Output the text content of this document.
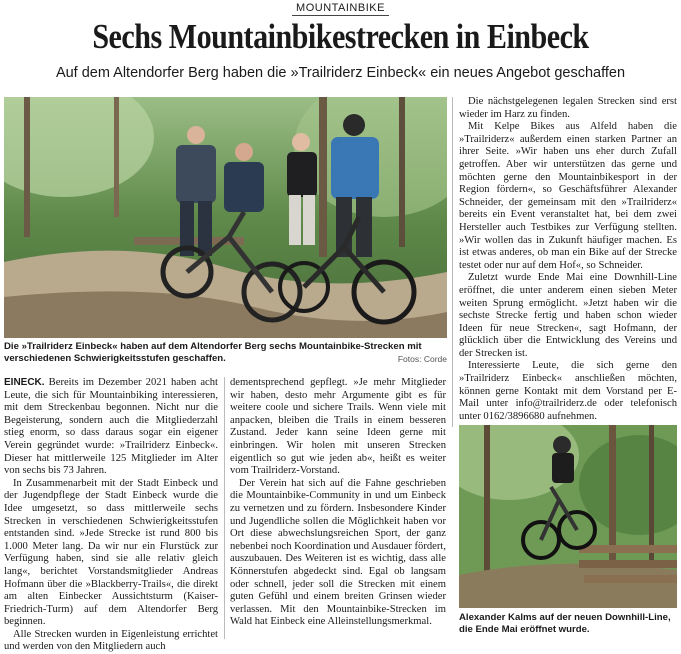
MOUNTAINBIKE
Sechs Mountainbikestrecken in Einbeck
Auf dem Altendorfer Berg haben die »Trailriderz Einbeck« ein neues Angebot geschaffen
Die »Trailriderz Einbeck« haben auf dem Altendorfer Berg sechs Mountainbike-Strecken mit verschiedenen Schwierigkeitsstufen geschaffen.	Fotos: Corde

EINECK. Bereits im Dezember 2021 haben acht Leute, die sich für Mountainbiking interessieren, mit dem Streckenbau begonnen. Nicht nur die Begeisterung, sondern auch die Mitgliederzahl stieg enorm, so dass daraus sogar ein eigener Verein gegründet wurde: »Trailriderz Einbeck«. Dieser hat mittlerweile 125 Mitglieder im Alter von sechs bis 73 Jahren.

In Zusammenarbeit mit der Stadt Einbeck und der Jugendpflege der Stadt Einbeck wurde die Idee umgesetzt, so dass mittlerweile sechs Strecken in verschiedenen Schwierigkeitsstufen entstanden sind. »Jede Strecke ist rund 800 bis 1.000 Meter lang. Da wir nur ein Flurstück zur Verfügung haben, sind sie alle relativ gleich lang«, berichtet Vorstandsmitglieder Andreas Hofmann über die »Blackberry-Trails«, die direkt am alten Einbecker Aussichtsturm (Kaiser-Friedrich-Turm) auf dem Altendorfer Berg beginnen.

Alle Strecken wurden in Eigenleistung errichtet und werden von den Mitgliedern auch

dementsprechend gepflegt. »Je mehr Mitglieder wir haben, desto mehr Argumente gibt es für weitere coole und sichere Trails. Wenn viele mit anpacken, bleiben die Trails in einem besseren Zustand. Jeder kann seine Ideen gerne mit einbringen. Wir holen mit unseren Strecken eigentlich so gut wie jeden ab«, heißt es weiter vom Trailriderz-Vorstand.

Der Verein hat sich auf die Fahne geschrieben die Mountainbike-Community in und um Einbeck zu vernetzen und zu fördern. Insbesondere Kinder und Jugendliche sollen die Möglichkeit haben vor Ort diese abwechslungsreichen Sport, der ganz nebenbei noch Koordination und Ausdauer fördert, auszubauen. Des Weiteren ist es wichtig, dass alle Könnerstufen abgedeckt sind. Egal ob langsam oder schnell, jeder soll die Strecken mit einem guten Gefühl und einem breiten Grinsen wieder verlassen. Mit den Mountainbike-Strecken im Wald hat Einbeck eine Alleinstellungsmerkmal.

Die nächstgelegenen legalen Strecken sind erst wieder im Harz zu finden.

Mit Kelpe Bikes aus Alfeld haben die »Trailriderz« außerdem einen starken Partner an ihrer Seite. »Wir haben uns eher durch Zufall getroffen. Aber wir unterstützen das gerne und möchten gerne den Mountainbikesport in der Region fördern«, so Geschäftsführer Alexander Schneider, der gemeinsam mit den »Trailriderz« bereits ein Event veranstaltet hat, bei dem zwei Hersteller auch Testbikes zur Verfügung stellten. »Wir wollen das in Zukunft häufiger machen. Es ist etwas anderes, ob man ein Bike auf der Strecke testet oder nur auf dem Hof«, so Schneider.

Zuletzt wurde Ende Mai eine Downhill-Line eröffnet, die unter anderem einen sieben Meter weiten Sprung ermöglicht. »Jetzt haben wir die sechste Strecke fertig und haben schon wieder Ideen für neue Strecken«, sagt Hofmann, der glücklich über die Entwicklung des Vereins und der Strecken ist.

Interessierte Leute, die sich gerne den »Trailriderz Einbeck« anschließen möchten, können gerne Kontakt mit dem Vorstand per E-Mail unter info@trailriderz.de oder telefonisch unter 0162/3896680 aufnehmen.

Alexander Kalms auf der neuen Downhill-Line, die Ende Mai eröffnet wurde.
